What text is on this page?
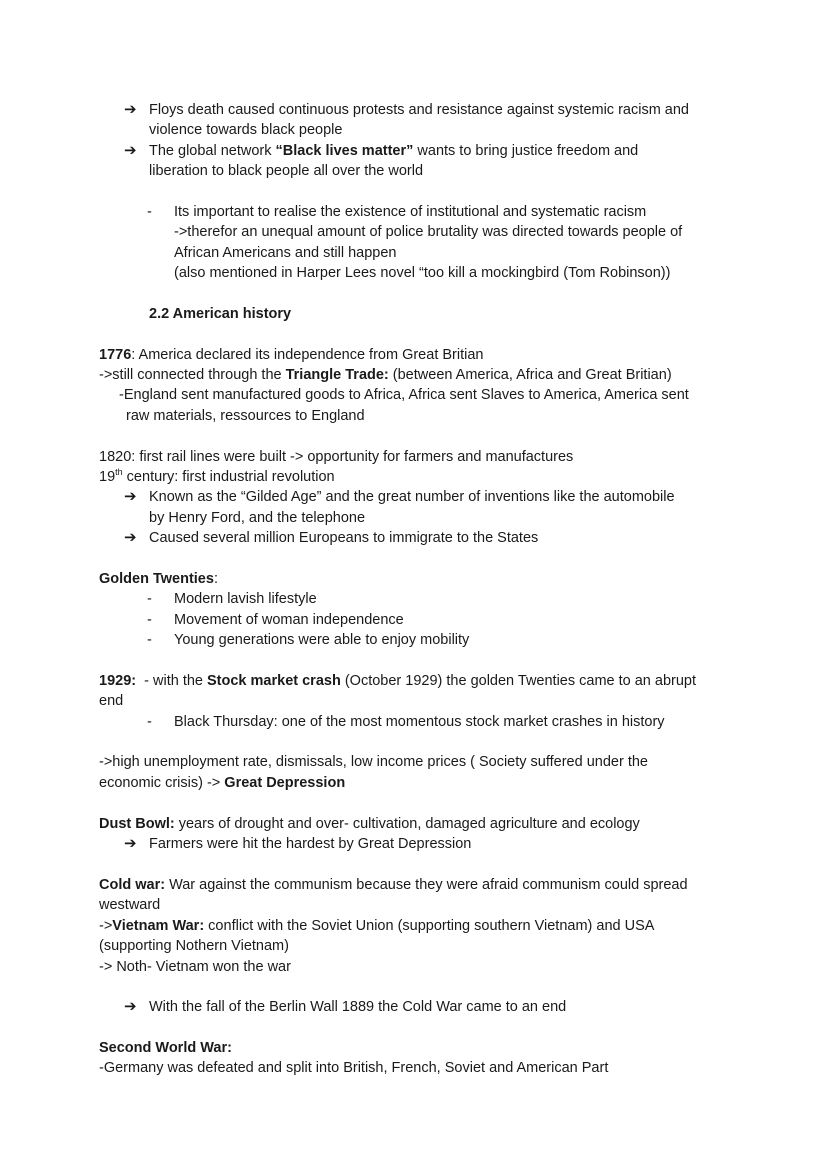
➔ Floys death caused continuous protests and resistance against systemic racism and
violence towards black people
➔ The global network “Black lives matter” wants to bring justice freedom and
liberation to black people all over the world
- Its important to realise the existence of institutional and systematic racism
->therefor an unequal amount of police brutality was directed towards people of
African Americans and still happen
(also mentioned in Harper Lees novel “too kill a mockingbird (Tom Robinson))
2.2 American history
1776: America declared its independence from Great Britian
->still connected through the Triangle Trade: (between America, Africa and Great Britian)
-England sent manufactured goods to Africa, Africa sent Slaves to America, America sent
raw materials, ressources to England
1820: first rail lines were built -> opportunity for farmers and manufactures
19th century: first industrial revolution
➔ Known as the “Gilded Age” and the great number of inventions like the automobile
by Henry Ford, and the telephone
➔ Caused several million Europeans to immigrate to the States
Golden Twenties:
- Modern lavish lifestyle
- Movement of woman independence
- Young generations were able to enjoy mobility
1929:  - with the Stock market crash (October 1929) the golden Twenties came to an abrupt
end
- Black Thursday: one of the most momentous stock market crashes in history
->high unemployment rate, dismissals, low income prices ( Society suffered under the
economic crisis) -> Great Depression
Dust Bowl: years of drought and over- cultivation, damaged agriculture and ecology
➔ Farmers were hit the hardest by Great Depression
Cold war: War against the communism because they were afraid communism could spread
westward
->Vietnam War: conflict with the Soviet Union (supporting southern Vietnam) and USA
(supporting Nothern Vietnam)
-> Noth- Vietnam won the war
➔ With the fall of the Berlin Wall 1889 the Cold War came to an end
Second World War:
-Germany was defeated and split into British, French, Soviet and American Part
